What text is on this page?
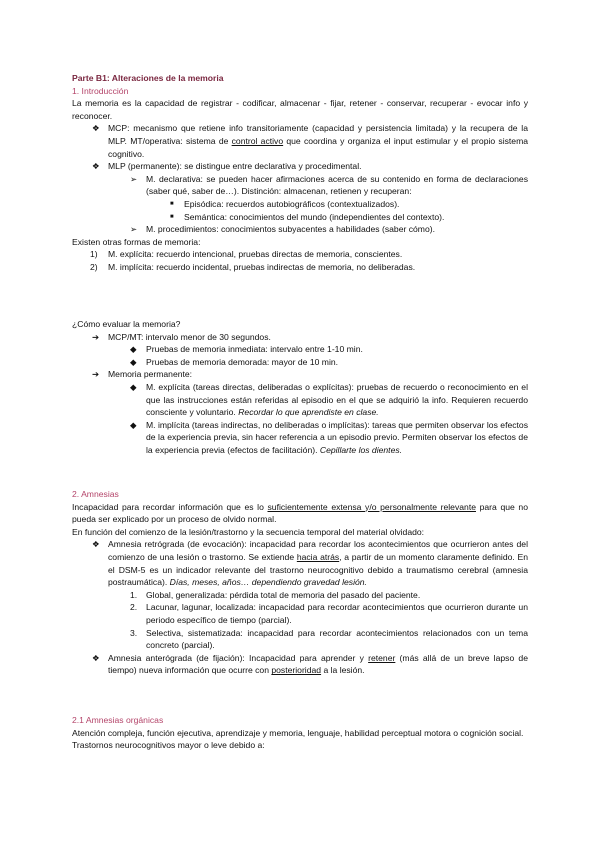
Parte B1: Alteraciones de la memoria

1. Introducción

La memoria es la capacidad de registrar - codificar, almacenar - fijar, retener - conservar, recuperar - evocar info y reconocer.

❖ MCP: mecanismo que retiene info transitoriamente (capacidad y persistencia limitada) y la recupera de la MLP. MT/operativa: sistema de control activo que coordina y organiza el input estimular y el propio sistema cognitivo.

❖ MLP (permanente): se distingue entre declarativa y procedimental.

➢ M. declarativa: se pueden hacer afirmaciones acerca de su contenido en forma de declaraciones (saber qué, saber de…). Distinción: almacenan, retienen y recuperan:

■ Episódica: recuerdos autobiográficos (contextualizados).

■ Semántica: conocimientos del mundo (independientes del contexto).

➢ M. procedimientos: conocimientos subyacentes a habilidades (saber cómo).

Existen otras formas de memoria:

1) M. explícita: recuerdo intencional, pruebas directas de memoria, conscientes.

2) M. implícita: recuerdo incidental, pruebas indirectas de memoria, no deliberadas.

¿Cómo evaluar la memoria?

➔ MCP/MT: intervalo menor de 30 segundos.

◆ Pruebas de memoria inmediata: intervalo entre 1-10 min.

◆ Pruebas de memoria demorada: mayor de 10 min.

➔ Memoria permanente:

◆ M. explícita (tareas directas, deliberadas o explícitas): pruebas de recuerdo o reconocimiento en el que las instrucciones están referidas al episodio en el que se adquirió la info. Requieren recuerdo consciente y voluntario. Recordar lo que aprendiste en clase.

◆ M. implícita (tareas indirectas, no deliberadas o implícitas): tareas que permiten observar los efectos de la experiencia previa, sin hacer referencia a un episodio previo. Permiten observar los efectos de la experiencia previa (efectos de facilitación). Cepillarte los dientes.

2. Amnesias

Incapacidad para recordar información que es lo suficientemente extensa y/o personalmente relevante para que no pueda ser explicado por un proceso de olvido normal.

En función del comienzo de la lesión/trastorno y la secuencia temporal del material olvidado:

❖ Amnesia retrógrada (de evocación): incapacidad para recordar los acontecimientos que ocurrieron antes del comienzo de una lesión o trastorno. Se extiende hacia atrás, a partir de un momento claramente definido. En el DSM-5 es un indicador relevante del trastorno neurocognitivo debido a traumatismo cerebral (amnesia postraumática). Días, meses, años… dependiendo gravedad lesión.

1. Global, generalizada: pérdida total de memoria del pasado del paciente.

2. Lacunar, lagunar, localizada: incapacidad para recordar acontecimientos que ocurrieron durante un periodo específico de tiempo (parcial).

3. Selectiva, sistematizada: incapacidad para recordar acontecimientos relacionados con un tema concreto (parcial).

❖ Amnesia anterógrada (de fijación): Incapacidad para aprender y retener (más allá de un breve lapso de tiempo) nueva información que ocurre con posterioridad a la lesión.

2.1 Amnesias orgánicas

Atención compleja, función ejecutiva, aprendizaje y memoria, lenguaje, habilidad perceptual motora o cognición social.

Trastornos neurocognitivos mayor o leve debido a:
